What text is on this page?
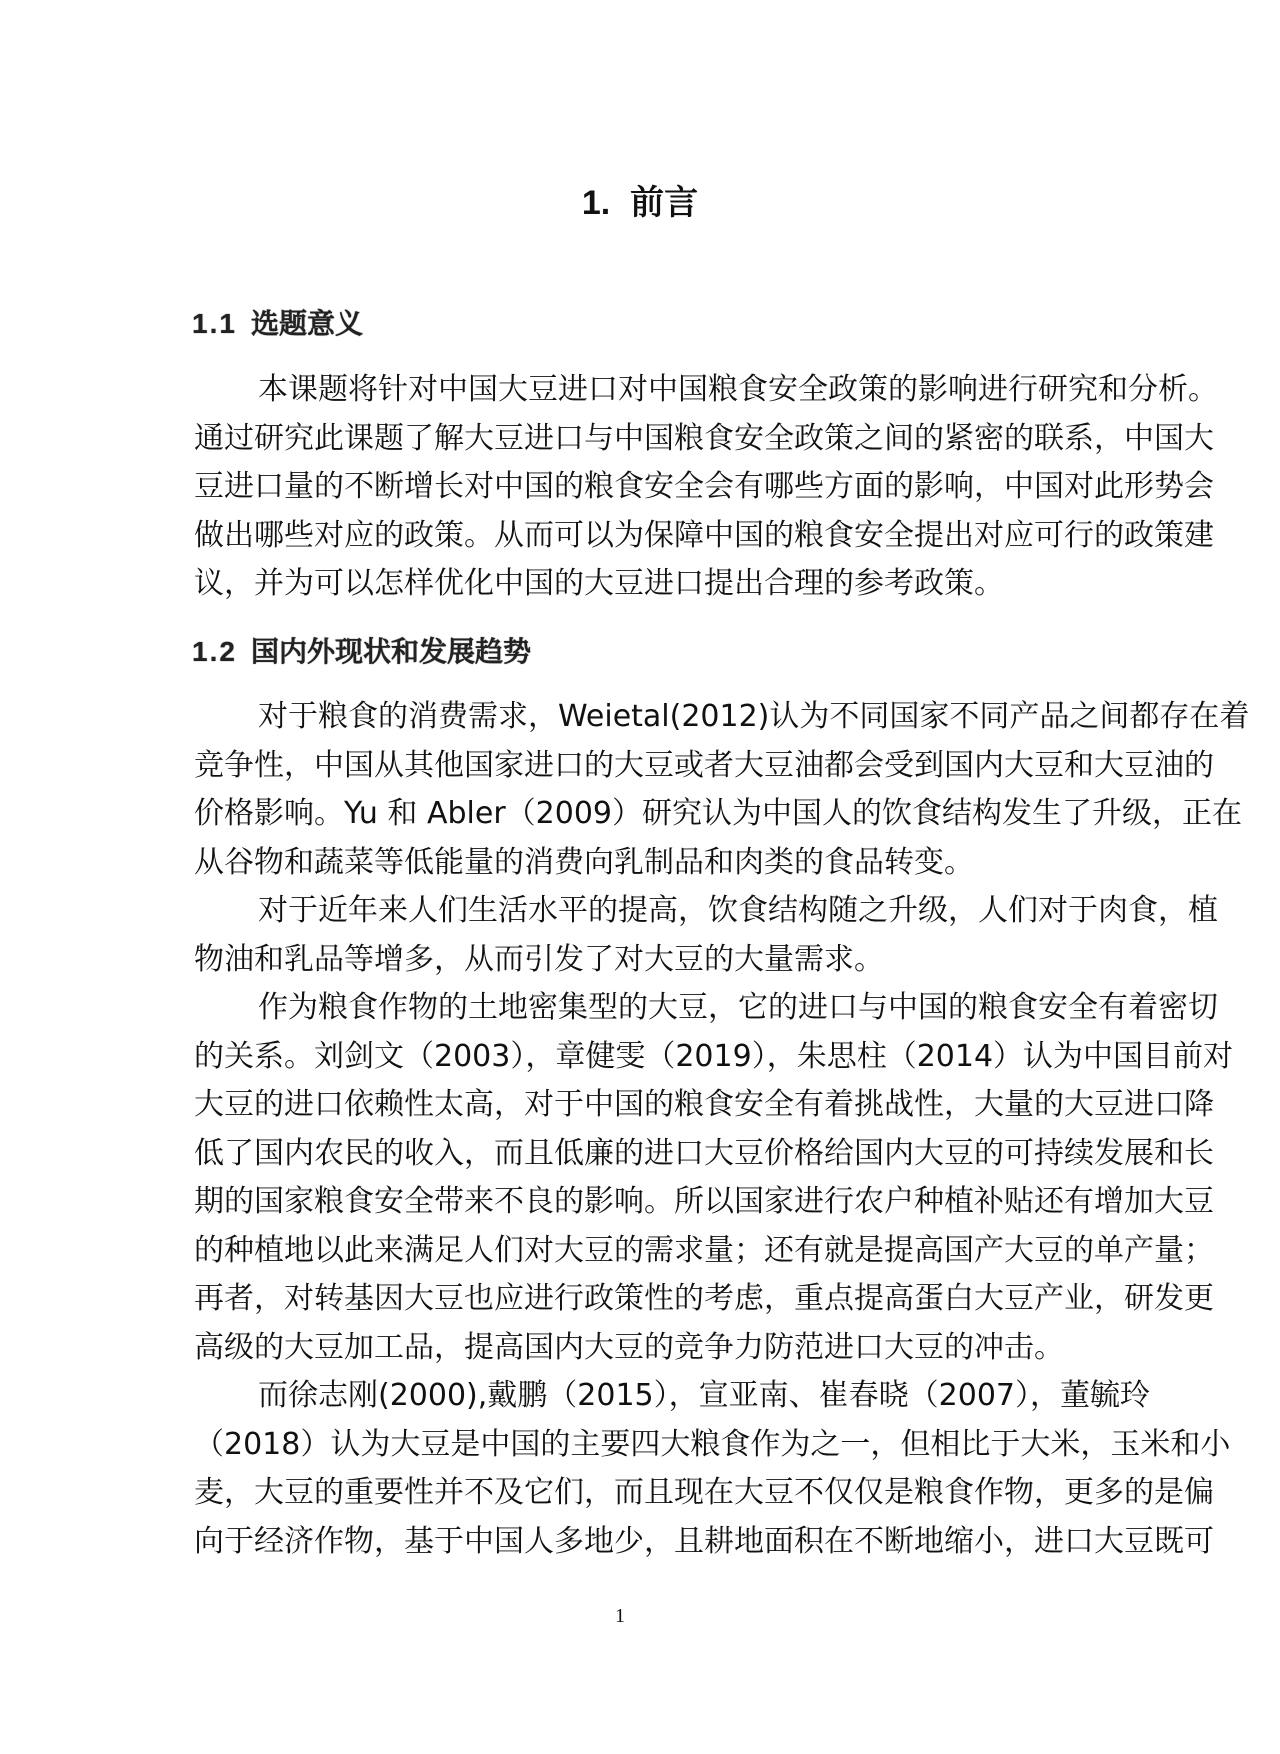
1. 前言
1.1 选题意义
本课题将针对中国大豆进口对中国粮食安全政策的影响进行研究和分析。
通过研究此课题了解大豆进口与中国粮食安全政策之间的紧密的联系，中国大
豆进口量的不断增长对中国的粮食安全会有哪些方面的影响，中国对此形势会
做出哪些对应的政策。从而可以为保障中国的粮食安全提出对应可行的政策建
议，并为可以怎样优化中国的大豆进口提出合理的参考政策。
1.2 国内外现状和发展趋势
对于粮食的消费需求，Weietal(2012)认为不同国家不同产品之间都存在着
竞争性，中国从其他国家进口的大豆或者大豆油都会受到国内大豆和大豆油的
价格影响。Yu 和 Abler（2009）研究认为中国人的饮食结构发生了升级，正在
从谷物和蔬菜等低能量的消费向乳制品和肉类的食品转变。
对于近年来人们生活水平的提高，饮食结构随之升级，人们对于肉食，植
物油和乳品等增多，从而引发了对大豆的大量需求。
作为粮食作物的土地密集型的大豆，它的进口与中国的粮食安全有着密切
的关系。刘剑文（2003），章健雯（2019），朱思柱（2014）认为中国目前对
大豆的进口依赖性太高，对于中国的粮食安全有着挑战性，大量的大豆进口降
低了国内农民的收入，而且低廉的进口大豆价格给国内大豆的可持续发展和长
期的国家粮食安全带来不良的影响。所以国家进行农户种植补贴还有增加大豆
的种植地以此来满足人们对大豆的需求量；还有就是提高国产大豆的单产量；
再者，对转基因大豆也应进行政策性的考虑，重点提高蛋白大豆产业，研发更
高级的大豆加工品，提高国内大豆的竞争力防范进口大豆的冲击。
而徐志刚(2000),戴鹏（2015），宣亚南、崔春晓（2007），董毓玲
（2018）认为大豆是中国的主要四大粮食作为之一，但相比于大米，玉米和小
麦，大豆的重要性并不及它们，而且现在大豆不仅仅是粮食作物，更多的是偏
向于经济作物，基于中国人多地少，且耕地面积在不断地缩小，进口大豆既可
1
